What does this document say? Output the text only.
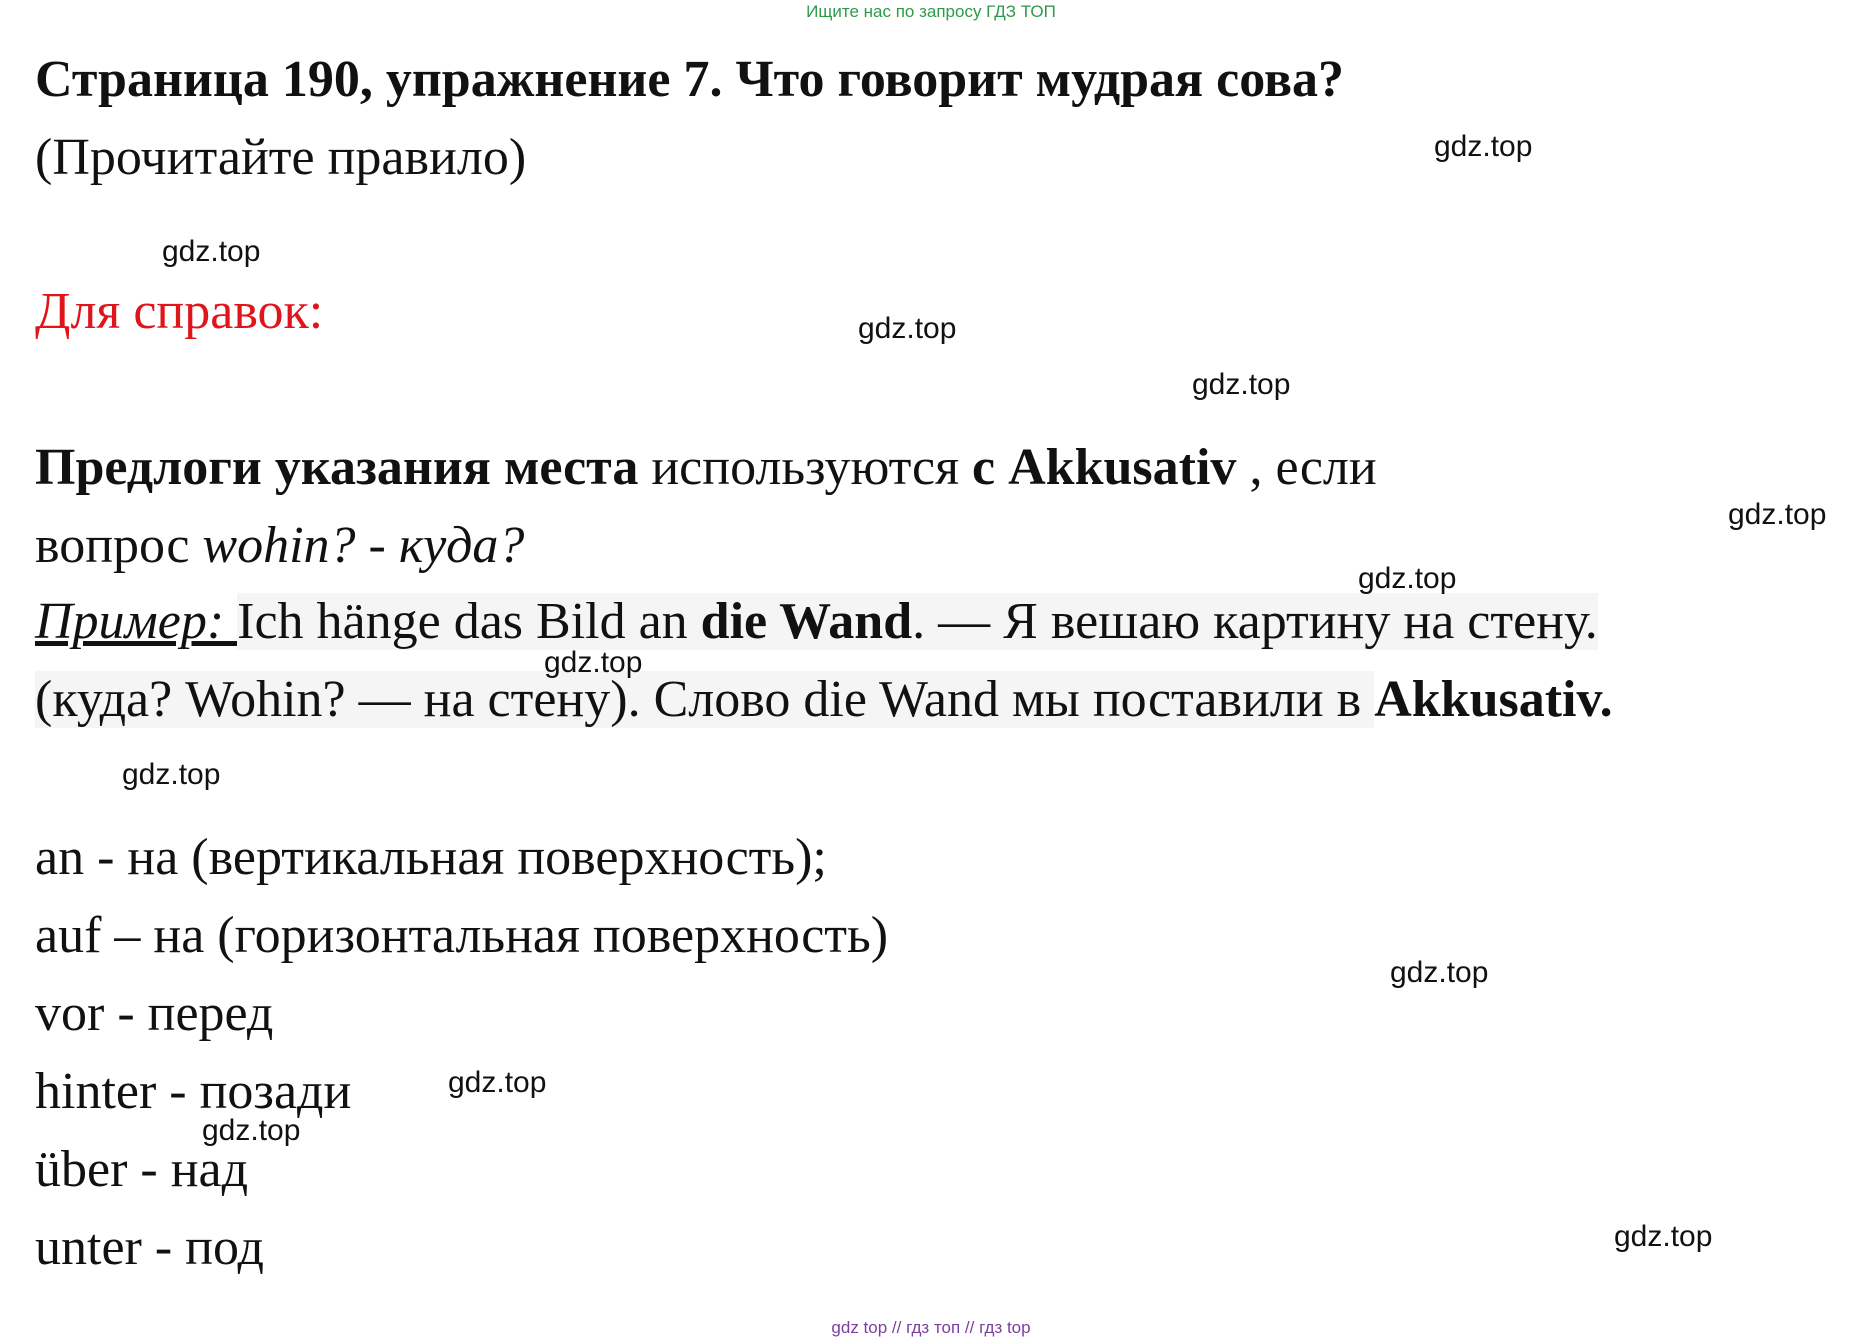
Ищите нас по запросу ГДЗ ТОП
Страница 190, упражнение 7. Что говорит мудрая сова?
(Прочитайте правило)
Для справок:
Предлоги указания места используются с Akkusativ , если
вопрос wohin? - куда?
Пример: Ich hänge das Bild an die Wand. — Я вешаю картину на стену.
(куда? Wohin? — на стену). Слово die Wand мы поставили в Akkusativ.
an - на (вертикальная поверхность);
auf – на (горизонтальная поверхность)
vor - перед
hinter - позади
über - над
unter - под
gdz.top
gdz.top
gdz.top
gdz.top
gdz.top
gdz.top
gdz.top
gdz.top
gdz.top
gdz.top
gdz.top
gdz.top
gdz top // гдз топ // гдз top
